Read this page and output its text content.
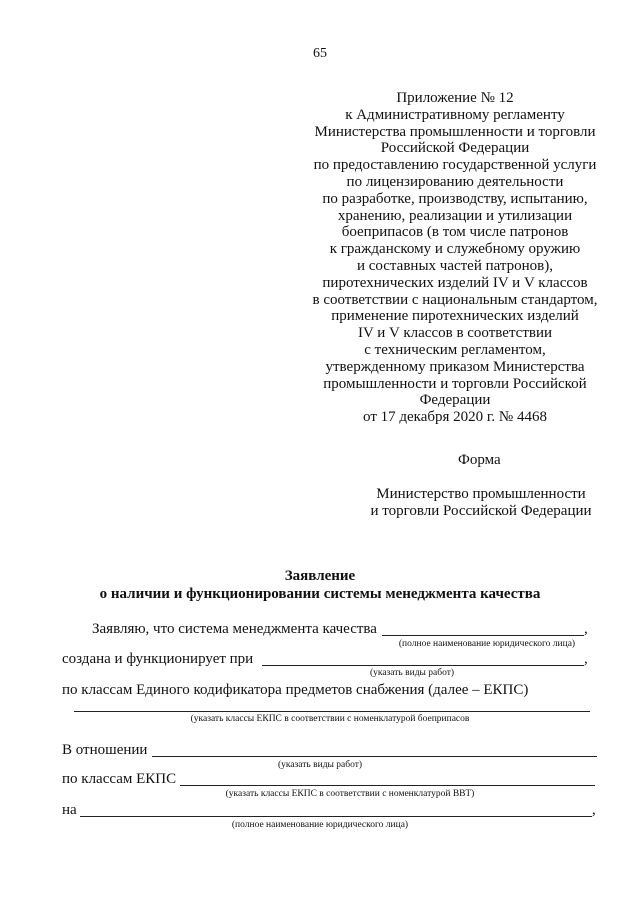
65
Приложение № 12
к Административному регламенту
Министерства промышленности и торговли
Российской Федерации
по предоставлению государственной услуги
по лицензированию деятельности
по разработке, производству, испытанию,
хранению, реализации и утилизации
боеприпасов (в том числе патронов
к гражданскому и служебному оружию
и составных частей патронов),
пиротехнических изделий IV и V классов
в соответствии с национальным стандартом,
применение пиротехнических изделий
IV и V классов в соответствии
с техническим регламентом,
утвержденному приказом Министерства
промышленности и торговли Российской
Федерации
от 17 декабря 2020 г. № 4468
Форма
Министерство промышленности
и торговли Российской Федерации
Заявление
о наличии и функционировании системы менеджмента качества
Заявляю, что система менеджмента качества	,
(полное наименование юридического лица)
создана и функционирует при	,
(указать виды работ)
по классам Единого кодификатора предметов снабжения (далее – ЕКПС)
(указать классы ЕКПС в соответствии с номенклатурой боеприпасов
В отношении
(указать виды работ)
по классам ЕКПС
(указать классы ЕКПС в соответствии с номенклатурой ВВТ)
на	,
(полное наименование юридического лица)
